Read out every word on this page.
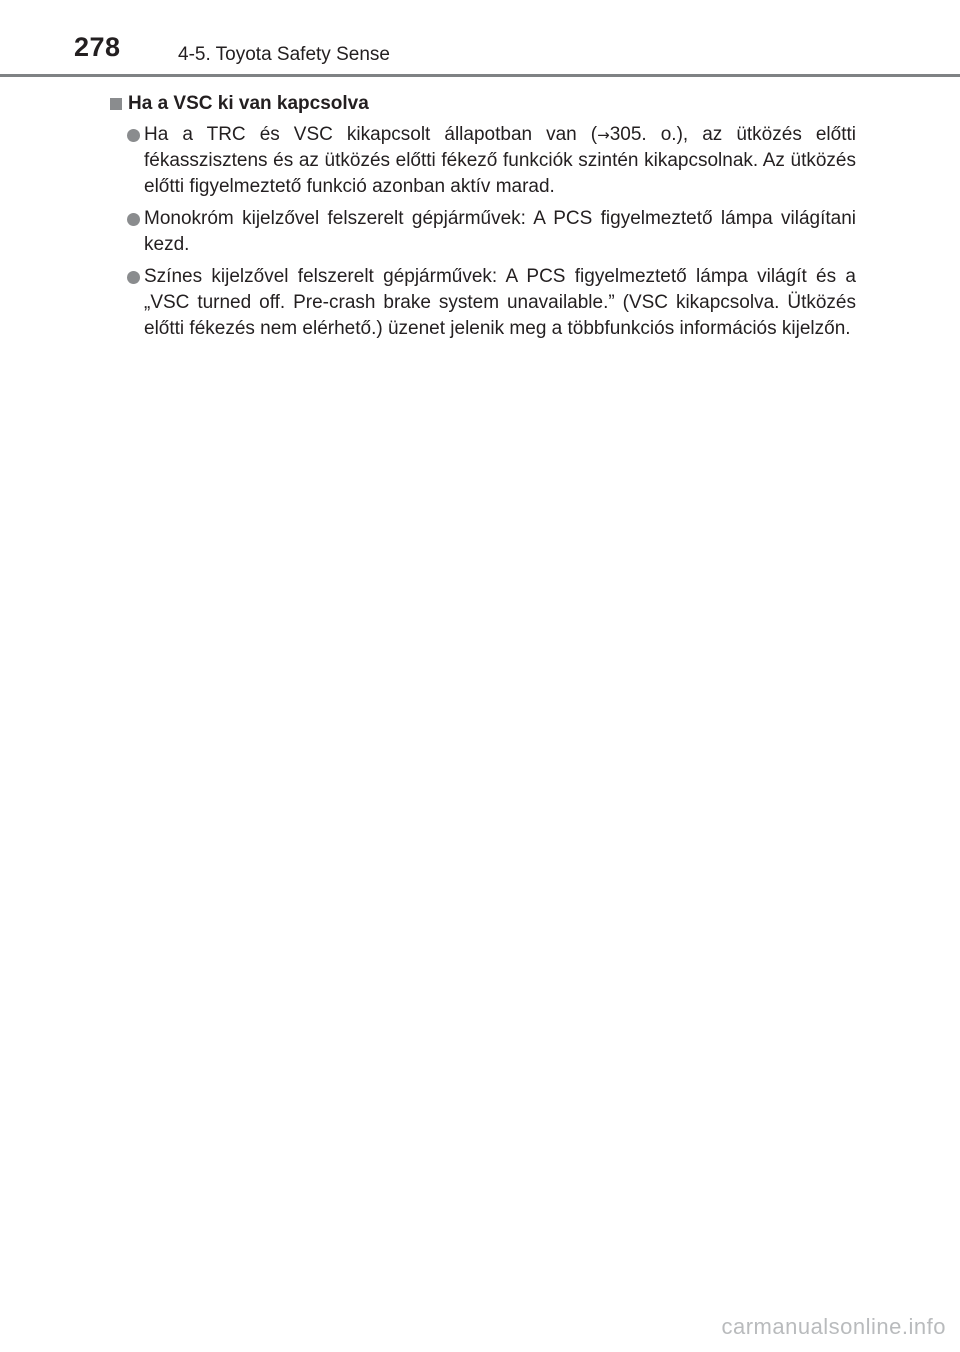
278	4-5. Toyota Safety Sense
Ha a VSC ki van kapcsolva
Ha a TRC és VSC kikapcsolt állapotban van (→305. o.), az ütközés előtti fékasszisztens és az ütközés előtti fékező funkciók szintén kikapcsolnak. Az ütközés előtti figyelmeztető funkció azonban aktív marad.
Monokróm kijelzővel felszerelt gépjárművek: A PCS figyelmeztető lámpa világítani kezd.
Színes kijelzővel felszerelt gépjárművek: A PCS figyelmeztető lámpa világít és a „VSC turned off. Pre-crash brake system unavailable.” (VSC kikapcsolva. Ütközés előtti fékezés nem elérhető.) üzenet jelenik meg a többfunkciós információs kijelzőn.
carmanualsonline.info
